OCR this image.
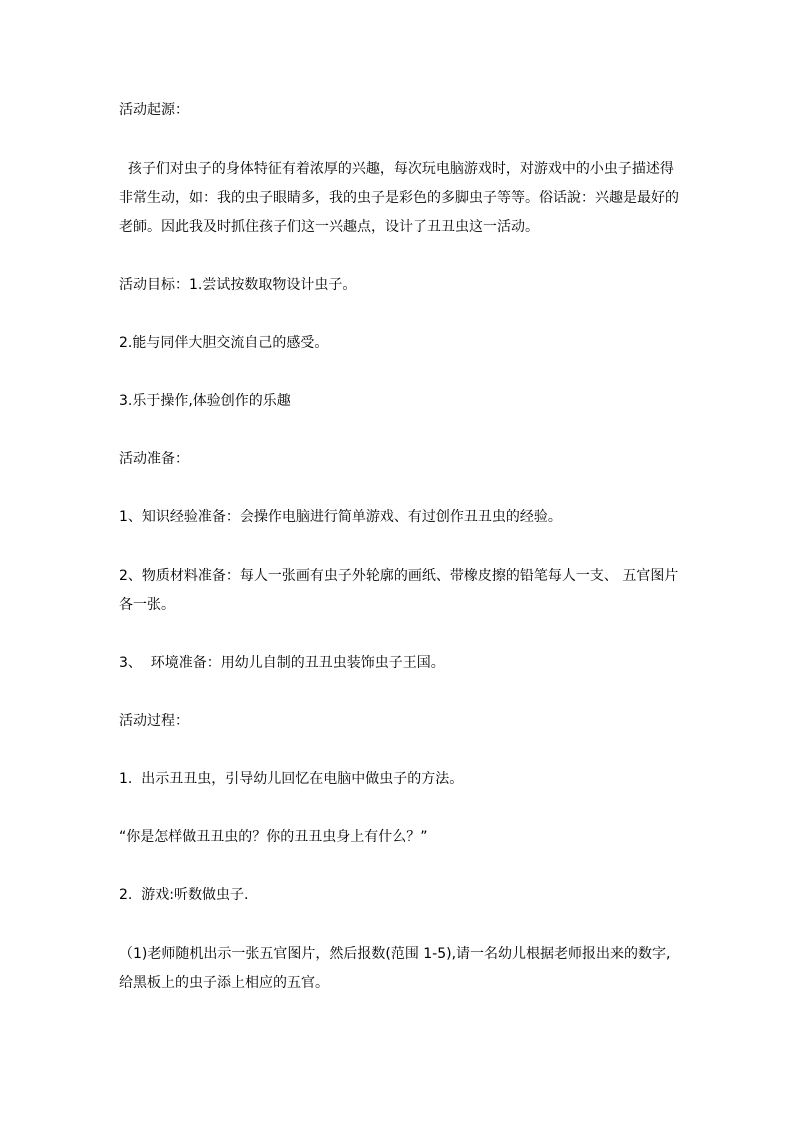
活动起源：

孩子们对虫子的身体特征有着浓厚的兴趣，每次玩电脑游戏时，对游戏中的小虫子描述得非常生动，如：我的虫子眼睛多，我的虫子是彩色的多脚虫子等等。俗话說：兴趣是最好的老師。因此我及时抓住孩子们这一兴趣点，设计了丑丑虫这一活动。

活动目标：1.尝试按数取物设计虫子。

2.能与同伴大胆交流自己的感受。

3.乐于操作,体验创作的乐趣

活动准备：

1、知识经验准备：会操作电脑进行简单游戏、有过创作丑丑虫的经验。

2、物质材料准备：每人一张画有虫子外轮廓的画纸、带橡皮擦的铅笔每人一支、 五官图片各一张。

3、  环境准备：用幼儿自制的丑丑虫装饰虫子王国。

活动过程：

1.  出示丑丑虫，引导幼儿回忆在电脑中做虫子的方法。

“你是怎样做丑丑虫的？你的丑丑虫身上有什么？”

2.  游戏:听数做虫子.

（1)老师随机出示一张五官图片，然后报数(范围 1-5),请一名幼儿根据老师报出来的数字,给黑板上的虫子添上相应的五官。
